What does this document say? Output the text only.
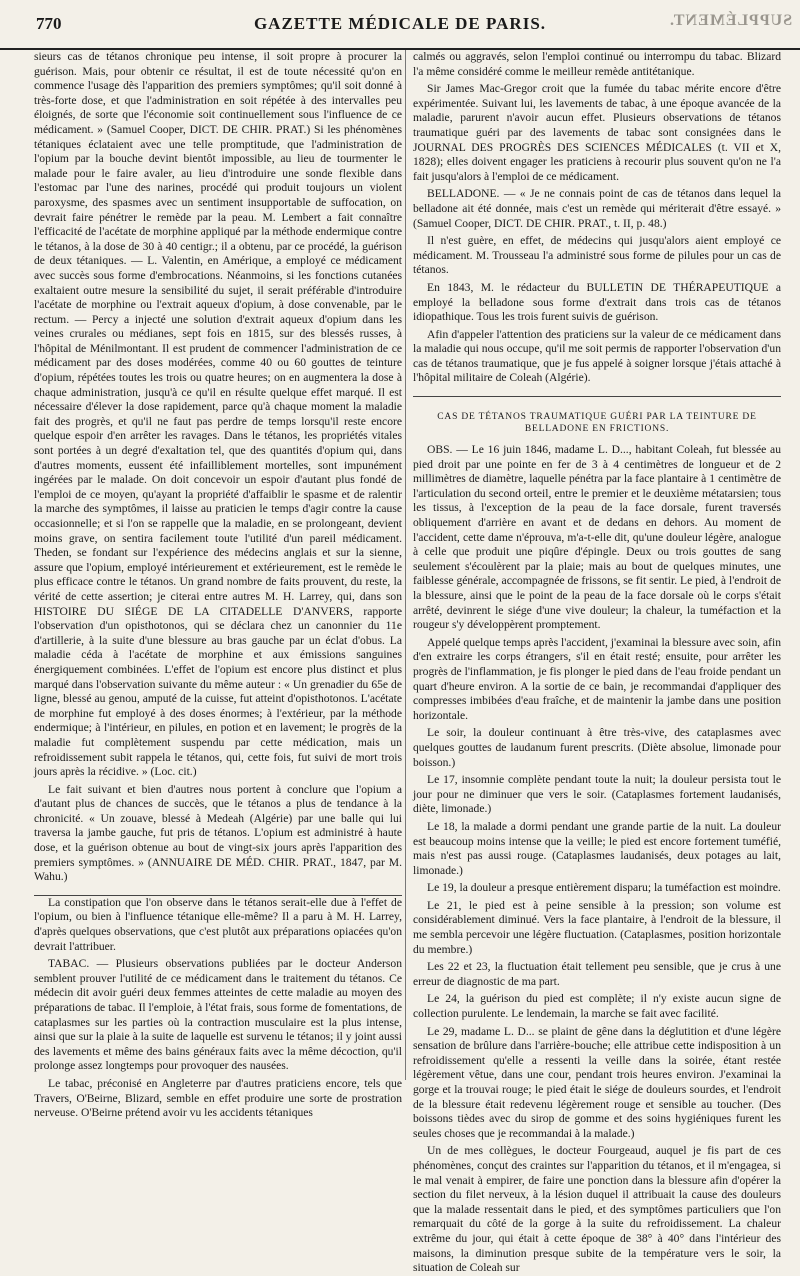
770	GAZETTE MÉDICALE DE PARIS.	SUPPLÉMENT.

sieurs cas de tétanos chronique peu intense, il soit propre à procurer la guérison. Mais, pour obtenir ce résultat, il est de toute nécessité qu'on en commence l'usage dès l'apparition des premiers symptômes; qu'il soit donné à très-forte dose, et que l'administration en soit répétée à des intervalles peu éloignés, de sorte que l'économie soit continuellement sous l'influence de ce médicament. » (Samuel Cooper, DICT. DE CHIR. PRAT.) Si les phénomènes tétaniques éclataient avec une telle promptitude, que l'administration de l'opium par la bouche devint bientôt impossible, au lieu de tourmenter le malade pour le faire avaler, au lieu d'introduire une sonde flexible dans l'estomac par l'une des narines, procédé qui produit toujours un violent paroxysme, des spasmes avec un sentiment insupportable de suffocation, on devrait faire pénétrer le remède par la peau. M. Lembert a fait connaître l'efficacité de l'acétate de morphine appliqué par la méthode endermique contre le tétanos, à la dose de 30 à 40 centigr.; il a obtenu, par ce procédé, la guérison de deux tétaniques. — L. Valentin, en Amérique, a employé ce médicament avec succès sous forme d'embrocations. Néanmoins, si les fonctions cutanées exaltaient outre mesure la sensibilité du sujet, il serait préférable d'introduire l'acétate de morphine ou l'extrait aqueux d'opium, à dose convenable, par le rectum. — Percy a injecté une solution d'extrait aqueux d'opium dans les veines crurales ou médianes, sept fois en 1815, sur des blessés russes, à l'hôpital de Ménilmontant. Il est prudent de commencer l'administration de ce médicament par des doses modérées, comme 40 ou 60 gouttes de teinture d'opium, répétées toutes les trois ou quatre heures; on en augmentera la dose à chaque administration, jusqu'à ce qu'il en résulte quelque effet marqué. Il est nécessaire d'élever la dose rapidement, parce qu'à chaque moment la maladie fait des progrès, et qu'il ne faut pas perdre de temps lorsqu'il reste encore quelque espoir d'en arrêter les ravages. Dans le tétanos, les propriétés vitales sont portées à un degré d'exaltation tel, que des quantités d'opium qui, dans d'autres moments, eussent été infailliblement mortelles, sont impunément ingérées par le malade. On doit concevoir un espoir d'autant plus fondé de l'emploi de ce moyen, qu'ayant la propriété d'affaiblir le spasme et de ralentir la marche des symptômes, il laisse au praticien le temps d'agir contre la cause occasionnelle; et si l'on se rappelle que la maladie, en se prolongeant, devient moins grave, on sentira facilement toute l'utilité d'un pareil médicament. Theden, se fondant sur l'expérience des médecins anglais et sur la sienne, assure que l'opium, employé intérieurement et extérieurement, est le remède le plus efficace contre le tétanos. Un grand nombre de faits prouvent, du reste, la vérité de cette assertion; je citerai entre autres M. H. Larrey, qui, dans son HISTOIRE DU SIÉGE DE LA CITADELLE D'ANVERS, rapporte l'observation d'un opisthotonos, qui se déclara chez un canonnier du 11e d'artillerie, à la suite d'une blessure au bras gauche par un éclat d'obus. La maladie céda à l'acétate de morphine et aux émissions sanguines énergiquement combinées. L'effet de l'opium est encore plus distinct et plus marqué dans l'observation suivante du même auteur : « Un grenadier du 65e de ligne, blessé au genou, amputé de la cuisse, fut atteint d'opisthotonos. L'acétate de morphine fut employé à des doses énormes; à l'extérieur, par la méthode endermique; à l'intérieur, en pilules, en potion et en lavement; le progrès de la maladie fut complètement suspendu par cette médication, mais un refroidissement subit rappela le tétanos, qui, cette fois, fut suivi de mort trois jours après la récidive. » (Loc. cit.)

Le fait suivant et bien d'autres nous portent à conclure que l'opium a d'autant plus de chances de succès, que le tétanos a plus de tendance à la chronicité. « Un zouave, blessé à Medeah (Algérie) par une balle qui lui traversa la jambe gauche, fut pris de tétanos. L'opium est administré à haute dose, et la guérison obtenue au bout de vingt-six jours après l'apparition des premiers symptômes. » (ANNUAIRE DE MÉD. CHIR. PRAT., 1847, par M. Wahu.)

La constipation que l'on observe dans le tétanos serait-elle due à l'effet de l'opium, ou bien à l'influence tétanique elle-même? Il a paru à M. H. Larrey, d'après quelques observations, que c'est plutôt aux préparations opiacées qu'on devrait l'attribuer.

TABAC. — Plusieurs observations publiées par le docteur Anderson semblent prouver l'utilité de ce médicament dans le traitement du tétanos. Ce médecin dit avoir guéri deux femmes atteintes de cette maladie au moyen des préparations de tabac. Il l'emploie, à l'état frais, sous forme de fomentations, de cataplasmes sur les parties où la contraction musculaire est la plus intense, ainsi que sur la plaie à la suite de laquelle est survenu le tétanos; il y joint aussi des lavements et même des bains généraux faits avec la même décoction, qu'il prolonge assez longtemps pour provoquer des nausées.

Le tabac, préconisé en Angleterre par d'autres praticiens encore, tels que Travers, O'Beirne, Blizard, semble en effet produire une sorte de prostration nerveuse. O'Beirne prétend avoir vu les accidents tétaniques

calmés ou aggravés, selon l'emploi continué ou interrompu du tabac. Blizard l'a même considéré comme le meilleur remède antitétanique.

Sir James Mac-Gregor croit que la fumée du tabac mérite encore d'être expérimentée. Suivant lui, les lavements de tabac, à une époque avancée de la maladie, parurent n'avoir aucun effet. Plusieurs observations de tétanos traumatique guéri par des lavements de tabac sont consignées dans le JOURNAL DES PROGRÈS DES SCIENCES MÉDICALES (t. VII et X, 1828); elles doivent engager les praticiens à recourir plus souvent qu'on ne l'a fait jusqu'alors à l'emploi de ce médicament.

BELLADONE. — « Je ne connais point de cas de tétanos dans lequel la belladone ait été donnée, mais c'est un remède qui mériterait d'être essayé. » (Samuel Cooper, DICT. DE CHIR. PRAT., t. II, p. 48.)

Il n'est guère, en effet, de médecins qui jusqu'alors aient employé ce médicament. M. Trousseau l'a administré sous forme de pilules pour un cas de tétanos.

En 1843, M. le rédacteur du BULLETIN DE THÉRAPEUTIQUE a employé la belladone sous forme d'extrait dans trois cas de tétanos idiopathique. Tous les trois furent suivis de guérison.

Afin d'appeler l'attention des praticiens sur la valeur de ce médicament dans la maladie qui nous occupe, qu'il me soit permis de rapporter l'observation d'un cas de tétanos traumatique, que je fus appelé à soigner lorsque j'étais attaché à l'hôpital militaire de Coleah (Algérie).

CAS DE TÉTANOS TRAUMATIQUE GUÉRI PAR LA TEINTURE DE BELLADONE EN FRICTIONS.

OBS. — Le 16 juin 1846, madame L. D..., habitant Coleah, fut blessée au pied droit par une pointe en fer de 3 à 4 centimètres de longueur et de 2 millimètres de diamètre, laquelle pénétra par la face plantaire à 1 centimètre de l'articulation du second orteil, entre le premier et le deuxième métatarsien; tous les tissus, à l'exception de la peau de la face dorsale, furent traversés obliquement d'arrière en avant et de dedans en dehors. Au moment de l'accident, cette dame n'éprouva, m'a-t-elle dit, qu'une douleur légère, analogue à celle que produit une piqûre d'épingle. Deux ou trois gouttes de sang seulement s'écoulèrent par la plaie; mais au bout de quelques minutes, une faiblesse générale, accompagnée de frissons, se fit sentir. Le pied, à l'endroit de la blessure, ainsi que le point de la peau de la face dorsale où le corps s'était arrêté, devinrent le siége d'une vive douleur; la chaleur, la tuméfaction et la rougeur s'y développèrent promptement.

Appelé quelque temps après l'accident, j'examinai la blessure avec soin, afin d'en extraire les corps étrangers, s'il en était resté; ensuite, pour arrêter les progrès de l'inflammation, je fis plonger le pied dans de l'eau froide pendant un quart d'heure environ. A la sortie de ce bain, je recommandai d'appliquer des compresses imbibées d'eau fraîche, et de maintenir la jambe dans une position horizontale.

Le soir, la douleur continuant à être très-vive, des cataplasmes avec quelques gouttes de laudanum furent prescrits. (Diète absolue, limonade pour boisson.)

Le 17, insomnie complète pendant toute la nuit; la douleur persista tout le jour pour ne diminuer que vers le soir. (Cataplasmes fortement laudanisés, diète, limonade.)

Le 18, la malade a dormi pendant une grande partie de la nuit. La douleur est beaucoup moins intense que la veille; le pied est encore fortement tuméfié, mais n'est pas aussi rouge. (Cataplasmes laudanisés, deux potages au lait, limonade.)

Le 19, la douleur a presque entièrement disparu; la tuméfaction est moindre.

Le 21, le pied est à peine sensible à la pression; son volume est considérablement diminué. Vers la face plantaire, à l'endroit de la blessure, il me sembla percevoir une légère fluctuation. (Cataplasmes, position horizontale du membre.)

Les 22 et 23, la fluctuation était tellement peu sensible, que je crus à une erreur de diagnostic de ma part.

Le 24, la guérison du pied est complète; il n'y existe aucun signe de collection purulente. Le lendemain, la marche se fait avec facilité.

Le 29, madame L. D... se plaint de gêne dans la déglutition et d'une légère sensation de brûlure dans l'arrière-bouche; elle attribue cette indisposition à un refroidissement qu'elle a ressenti la veille dans la soirée, étant restée légèrement vêtue, dans une cour, pendant trois heures environ. J'examinai la gorge et la trouvai rouge; le pied était le siége de douleurs sourdes, et l'endroit de la blessure était redevenu légèrement rouge et sensible au toucher. (Des boissons tièdes avec du sirop de gomme et des soins hygiéniques furent les seules choses que je recommandai à la malade.)

Un de mes collègues, le docteur Fourgeaud, auquel je fis part de ces phénomènes, conçut des craintes sur l'apparition du tétanos, et il m'engagea, si le mal venait à empirer, de faire une ponction dans la blessure afin d'opérer la section du filet nerveux, à la lésion duquel il attribuait la cause des douleurs que la malade ressentait dans le pied, et des symptômes particuliers que l'on remarquait du côté de la gorge à la suite du refroidissement. La chaleur extrême du jour, qui était à cette époque de 38° à 40° dans l'intérieur des maisons, la diminution presque subite de la température vers le soir, la situation de Coleah sur
